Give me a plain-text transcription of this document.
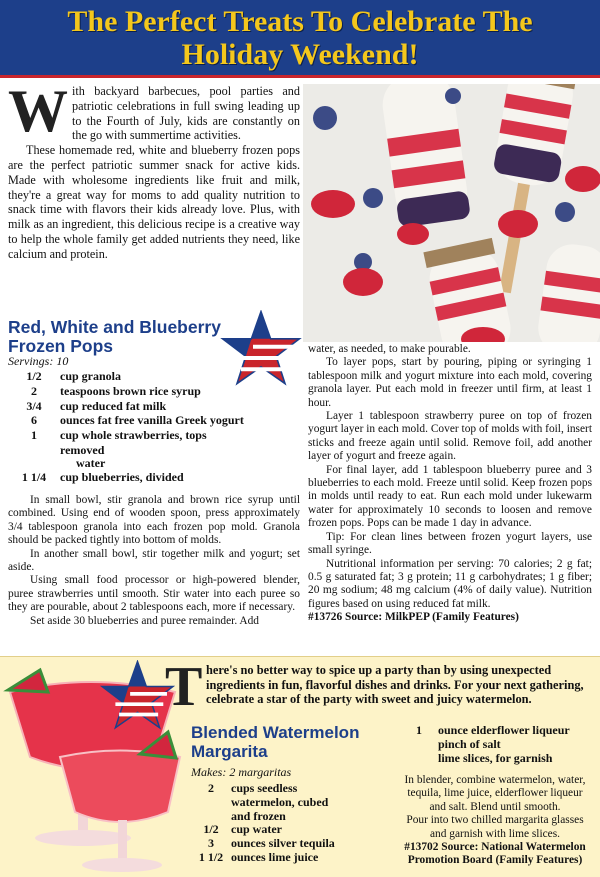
The Perfect Treats To Celebrate The
Holiday Weekend!
W ith backyard barbecues, pool parties and patriotic celebrations in full swing leading up to the Fourth of July, kids are constantly on the go with summertime activities.

These homemade red, white and blueberry frozen pops are the perfect patriotic summer snack for active kids. Made with wholesome ingredients like fruit and milk, they're a great way for moms to add quality nutrition to snack time with flavors their kids already love. Plus, with milk as an ingredient, this delicious recipe is a creative way to help the whole family get added nutrients they need, like calcium and protein.

Red, White and Blueberry
Frozen Pops
Servings: 10
1/2 cup granola
2 teaspoons brown rice syrup
3/4 cup reduced fat milk
6 ounces fat free vanilla Greek yogurt
1 cup whole strawberries, tops removed
water
1 1/4 cup blueberries, divided

In small bowl, stir granola and brown rice syrup until combined. Using end of wooden spoon, press approximately 3/4 tablespoon granola into each frozen pop mold. Granola should be packed tightly into bottom of molds.

In another small bowl, stir together milk and yogurt; set aside.

Using small food processor or high-powered blender, puree strawberries until smooth. Stir water into each puree so they are pourable, about 2 tablespoons each, more if necessary.

Set aside 30 blueberries and puree remainder. Add

water, as needed, to make pourable.

To layer pops, start by pouring, piping or syringing 1 tablespoon milk and yogurt mixture into each mold, covering granola layer. Put each mold in freezer until firm, at least 1 hour.

Layer 1 tablespoon strawberry puree on top of frozen yogurt layer in each mold. Cover top of molds with foil, insert sticks and freeze again until solid. Remove foil, add another layer of yogurt and freeze again.

For final layer, add 1 tablespoon blueberry puree and 3 blueberries to each mold. Freeze until solid. Keep frozen pops in molds until ready to eat. Run each mold under lukewarm water for approximately 10 seconds to loosen and remove frozen pops. Pops can be made 1 day in advance.

Tip: For clean lines between frozen yogurt layers, use small syringe.

Nutritional information per serving: 70 calories; 2 g fat; 0.5 g saturated fat; 3 g protein; 11 g carbohydrates; 1 g fiber; 20 mg sodium; 48 mg calcium (4% of daily value). Nutrition figures based on using reduced fat milk.

#13726 Source: MilkPEP (Family Features)

T here's no better way to spice up a party than by using unexpected ingredients in fun, flavorful dishes and drinks. For your next gathering, celebrate a star of the party with sweet and juicy watermelon.
Blended Watermelon
Margarita
Makes: 2 margaritas
2 cups seedless watermelon, cubed and frozen
1/2 cup water
3 ounces silver tequila
1 1/2 ounces lime juice
1 ounce elderflower liqueur
pinch of salt
lime slices, for garnish

In blender, combine watermelon, water, tequila, lime juice, elderflower liqueur and salt. Blend until smooth.

Pour into two chilled margarita glasses and garnish with lime slices.

#13702 Source: National Watermelon Promotion Board (Family Features)
